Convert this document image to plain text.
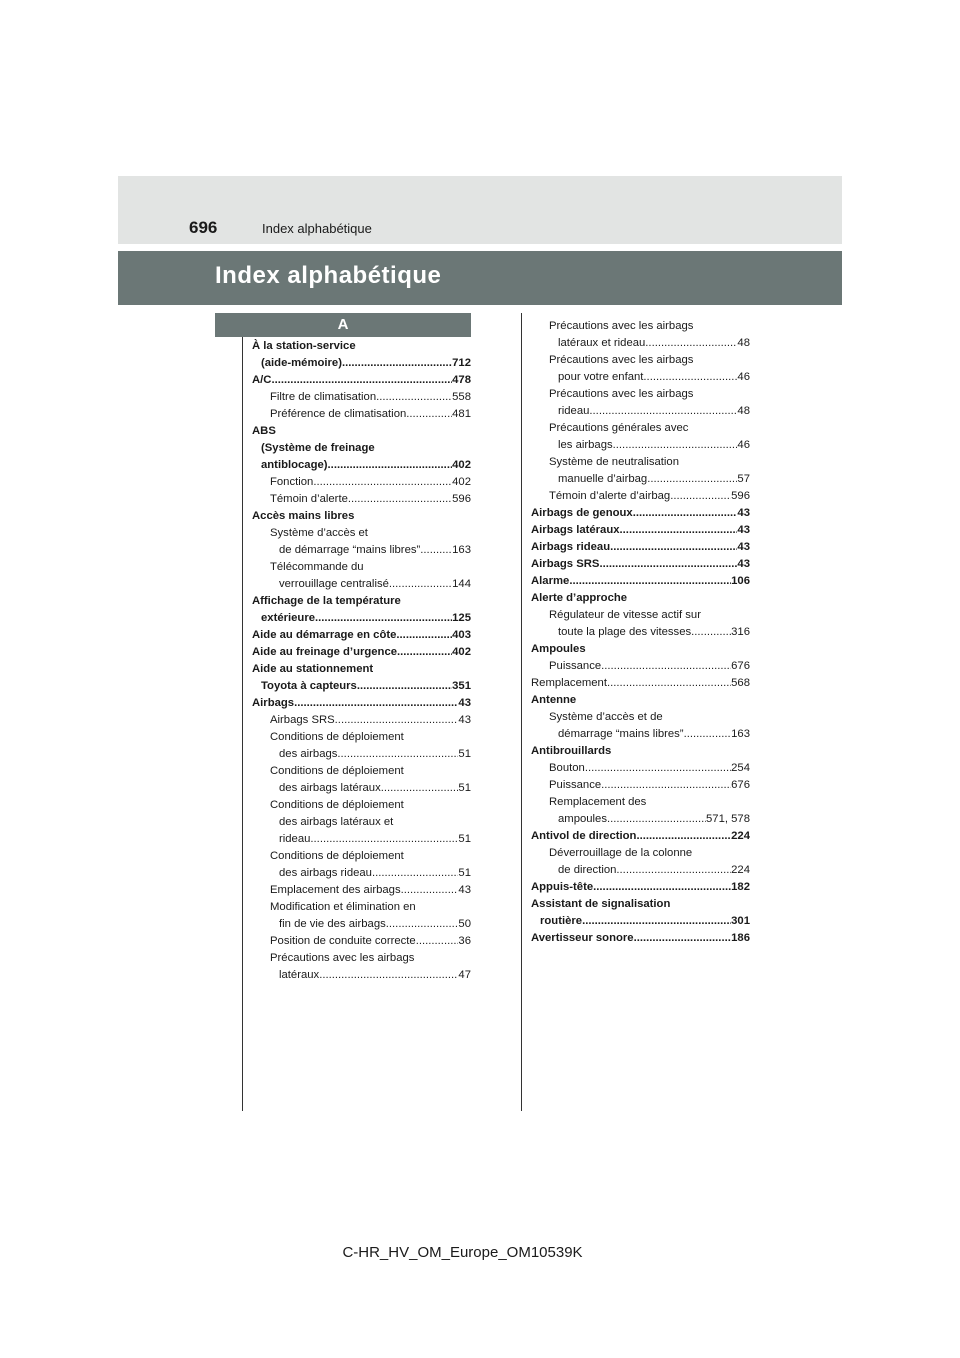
696	Index alphabétique
Index alphabétique
A
À la station-service
(aide-mémoire) .....	712
A/C .....	478
Filtre de climatisation .....	558
Préférence de climatisation .....	481
ABS
(Système de freinage
antiblocage) .....	402
Fonction .....	402
Témoin d’alerte .....	596
Accès mains libres
Système d’accès et
de démarrage “mains libres” .....	163
Télécommande du
verrouillage centralisé .....	144
Affichage de la température
extérieure .....	125
Aide au démarrage en côte .....	403
Aide au freinage d’urgence .....	402
Aide au stationnement
Toyota à capteurs .....	351
Airbags .....	43
Airbags SRS .....	43
Conditions de déploiement
des airbags .....	51
Conditions de déploiement
des airbags latéraux .....	51
Conditions de déploiement
des airbags latéraux et
rideau .....	51
Conditions de déploiement
des airbags rideau .....	51
Emplacement des airbags .....	43
Modification et élimination en
fin de vie des airbags .....	50
Position de conduite correcte .....	36
Précautions avec les airbags
latéraux .....	47
Précautions avec les airbags
latéraux et rideau .....	48
Précautions avec les airbags
pour votre enfant .....	46
Précautions avec les airbags
rideau .....	48
Précautions générales avec
les airbags .....	46
Système de neutralisation
manuelle d’airbag .....	57
Témoin d’alerte d’airbag .....	596
Airbags de genoux .....	43
Airbags latéraux .....	43
Airbags rideau .....	43
Airbags SRS .....	43
Alarme .....	106
Alerte d’approche
Régulateur de vitesse actif sur
toute la plage des vitesses .....	316
Ampoules
Puissance .....	676
Remplacement .....	568
Antenne
Système d’accès et de
démarrage “mains libres” .....	163
Antibrouillards
Bouton .....	254
Puissance .....	676
Remplacement des
ampoules .....	571, 578
Antivol de direction .....	224
Déverrouillage de la colonne
de direction .....	224
Appuis-tête .....	182
Assistant de signalisation
routière .....	301
Avertisseur sonore .....	186
C-HR_HV_OM_Europe_OM10539K
